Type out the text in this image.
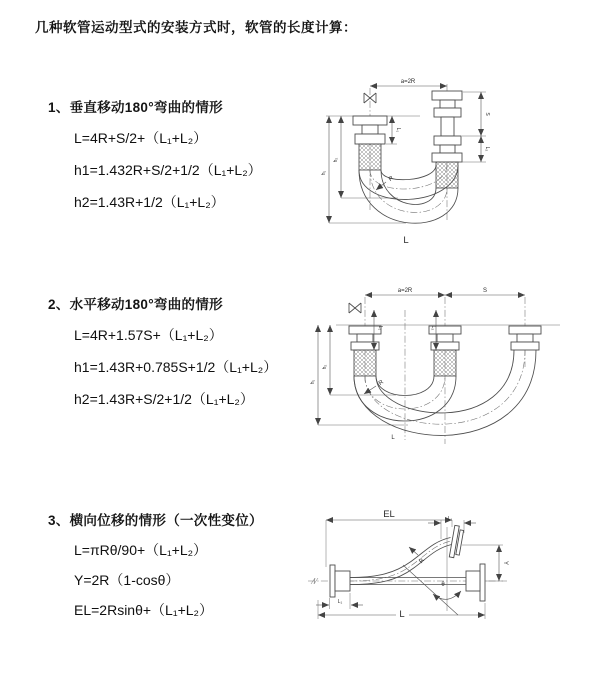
几种软管运动型式的安装方式时，软管的长度计算：
1、垂直移动180°弯曲的情形
L=4R+S/2+（L₁+L₂）
h1=1.432R+S/2+1/2（L₁+L₂）
h2=1.43R+1/2（L₁+L₂）
2、水平移动180°弯曲的情形
L=4R+1.57S+（L₁+L₂）
h1=1.43R+0.785S+1/2（L₁+L₂）
h2=1.43R+S/2+1/2（L₁+L₂）
3、横向位移的情形（一次性变位）
L=πRθ/90+（L₁+L₂）
Y=2R（1-cosθ）
EL=2Rsinθ+（L₁+L₂）
a=2R
L₁
S
L₂
h₁
h₂
R
L
a=2R	S
L₁	L₂
h₁
h₂
R
L
EL	L₁
Y
R
θ
L₁
L
